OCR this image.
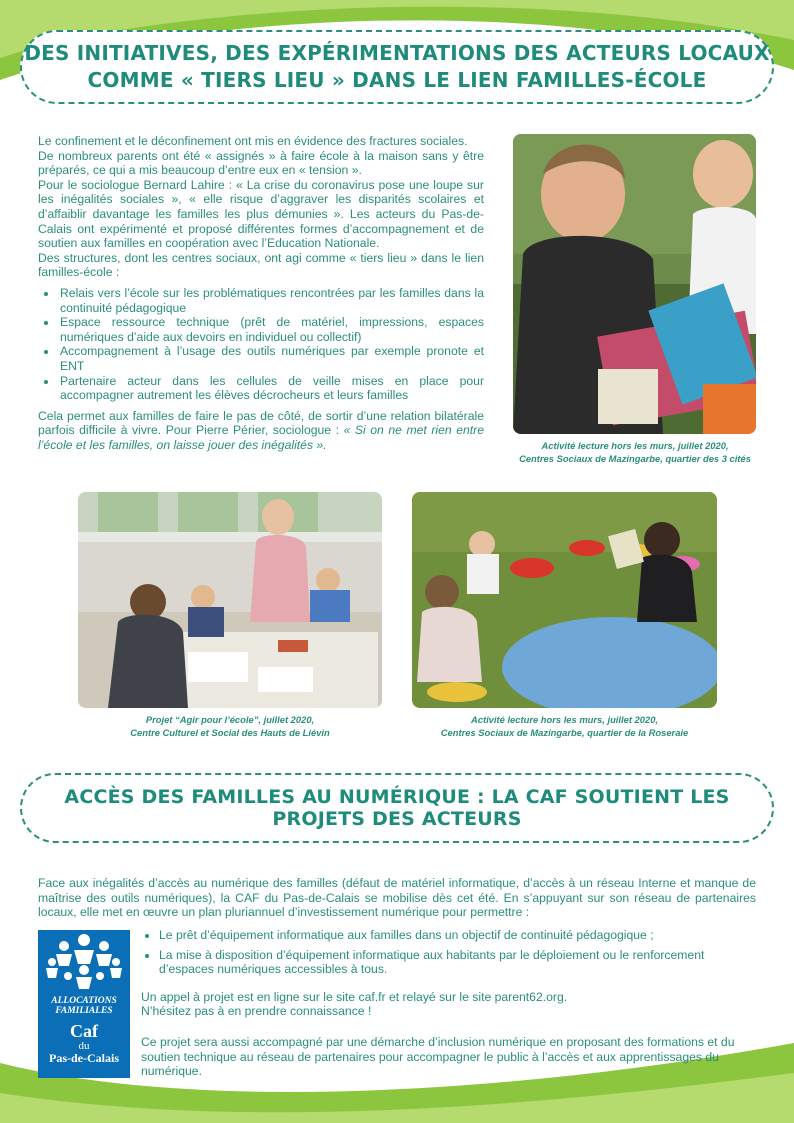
DES INITIATIVES, DES EXPÉRIMENTATIONS DES ACTEURS LOCAUX
COMME « TIERS LIEU » DANS LE LIEN FAMILLES-ÉCOLE

Le confinement et le déconfinement ont mis en évidence des fractures sociales.

De nombreux parents ont été « assignés » à faire école à la maison sans y être préparés, ce qui a mis beaucoup d’entre eux en « tension ».

Pour le sociologue Bernard Lahire : « La crise du coronavirus pose une loupe sur les inégalités sociales », « elle risque d’aggraver les disparités scolaires et d’affaiblir davantage les familles les plus démunies ». Les acteurs du Pas-de-Calais ont expérimenté et proposé différentes formes d’accompagnement et de soutien aux familles en coopération avec l’Education Nationale.

Des structures, dont les centres sociaux, ont agi comme « tiers lieu » dans le lien familles-école :

• Relais vers l’école sur les problématiques rencontrées par les familles dans la continuité pédagogique
• Espace ressource technique (prêt de matériel, impressions, espaces numériques d’aide aux devoirs en individuel ou collectif)
• Accompagnement à l’usage des outils numériques par exemple pronote et ENT
• Partenaire acteur dans les cellules de veille mises en place pour accompagner autrement les élèves décrocheurs et leurs familles

Cela permet aux familles de faire le pas de côté, de sortir d’une relation bilatérale parfois difficile à vivre. Pour Pierre Périer, sociologue : « Si on ne met rien entre l’école et les familles, on laisse jouer des inégalités ».	Activité lecture hors les murs, juillet 2020,
Centres Sociaux de Mazingarbe, quartier des 3 cités
Projet “Agir pour l’école”, juillet 2020,
Centre Culturel et Social des Hauts de Liévin
Activité lecture hors les murs, juillet 2020,
Centres Sociaux de Mazingarbe, quartier de la Roseraie
ACCÈS DES FAMILLES AU NUMÉRIQUE : LA CAF SOUTIENT LES PROJETS DES ACTEURS

Face aux inégalités d’accès au numérique des familles (défaut de matériel informatique, d’accès à un réseau Interne et manque de maîtrise des outils numériques), la CAF du Pas-de-Calais se mobilise dès cet été. En s’appuyant sur son réseau de partenaires locaux, elle met en œuvre un plan pluriannuel d’investissement numérique pour permettre :

ALLOCATIONS
FAMILIALES
Caf
du
Pas-de-Calais
• Le prêt d’équipement informatique aux familles dans un objectif de continuité pédagogique ;
• La mise à disposition d’équipement informatique aux habitants par le déploiement ou le renforcement d’espaces numériques accessibles à tous.

Un appel à projet est en ligne sur le site caf.fr et relayé sur le site parent62.org.

N’hésitez pas à en prendre connaissance !

Ce projet sera aussi accompagné par une démarche d’inclusion numérique en proposant des formations et du soutien technique au réseau de partenaires pour accompagner le public à l’accès et aux apprentissages du numérique.
